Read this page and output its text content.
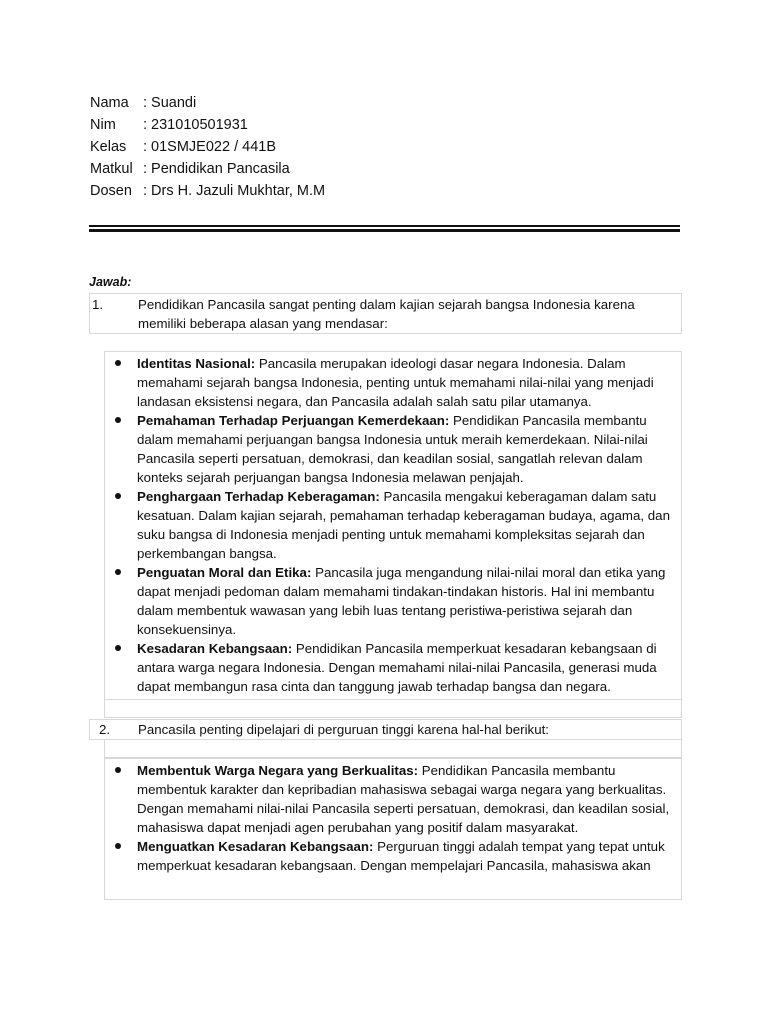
Nama : Suandi
Nim	: 231010501931
Kelas	: 01SMJE022 / 441B
Matkul : Pendidikan Pancasila
Dosen : Drs H. Jazuli Mukhtar, M.M
Jawab:
1.	Pendidikan Pancasila sangat penting dalam kajian sejarah bangsa Indonesia karena memiliki beberapa alasan yang mendasar:
Identitas Nasional: Pancasila merupakan ideologi dasar negara Indonesia. Dalam memahami sejarah bangsa Indonesia, penting untuk memahami nilai-nilai yang menjadi landasan eksistensi negara, dan Pancasila adalah salah satu pilar utamanya.
Pemahaman Terhadap Perjuangan Kemerdekaan: Pendidikan Pancasila membantu dalam memahami perjuangan bangsa Indonesia untuk meraih kemerdekaan. Nilai-nilai Pancasila seperti persatuan, demokrasi, dan keadilan sosial, sangatlah relevan dalam konteks sejarah perjuangan bangsa Indonesia melawan penjajah.
Penghargaan Terhadap Keberagaman: Pancasila mengakui keberagaman dalam satu kesatuan. Dalam kajian sejarah, pemahaman terhadap keberagaman budaya, agama, dan suku bangsa di Indonesia menjadi penting untuk memahami kompleksitas sejarah dan perkembangan bangsa.
Penguatan Moral dan Etika: Pancasila juga mengandung nilai-nilai moral dan etika yang dapat menjadi pedoman dalam memahami tindakan-tindakan historis. Hal ini membantu dalam membentuk wawasan yang lebih luas tentang peristiwa-peristiwa sejarah dan konsekuensinya.
Kesadaran Kebangsaan: Pendidikan Pancasila memperkuat kesadaran kebangsaan di antara warga negara Indonesia. Dengan memahami nilai-nilai Pancasila, generasi muda dapat membangun rasa cinta dan tanggung jawab terhadap bangsa dan negara.
2.	Pancasila penting dipelajari di perguruan tinggi karena hal-hal berikut:
Membentuk Warga Negara yang Berkualitas: Pendidikan Pancasila membantu membentuk karakter dan kepribadian mahasiswa sebagai warga negara yang berkualitas. Dengan memahami nilai-nilai Pancasila seperti persatuan, demokrasi, dan keadilan sosial, mahasiswa dapat menjadi agen perubahan yang positif dalam masyarakat.
Menguatkan Kesadaran Kebangsaan: Perguruan tinggi adalah tempat yang tepat untuk memperkuat kesadaran kebangsaan. Dengan mempelajari Pancasila, mahasiswa akan
